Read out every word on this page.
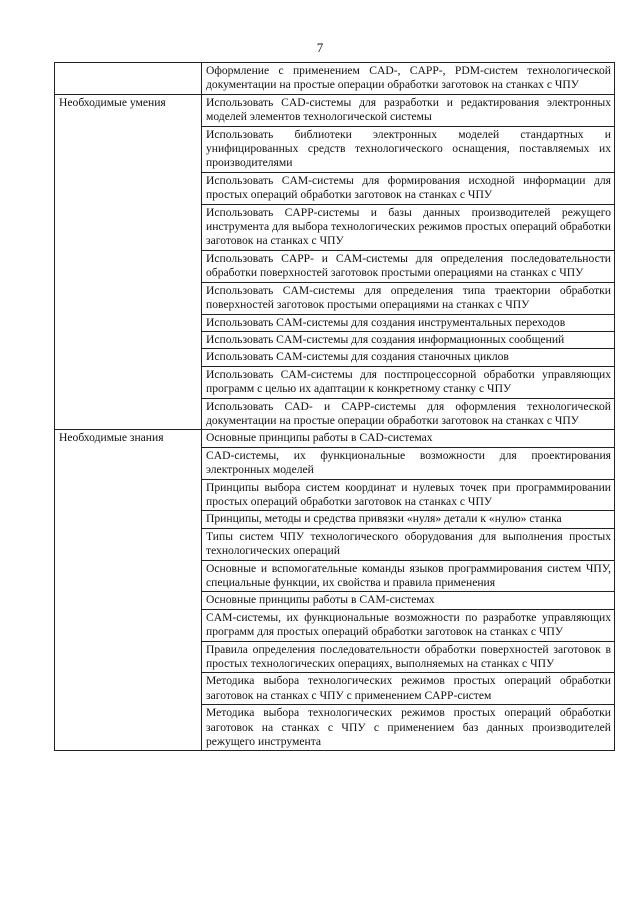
7
	Оформление с применением CAD-, CAPP-, PDM-систем технологической документации на простые операции обработки заготовок на станках с ЧПУ
Необходимые умения	Использовать CAD-системы для разработки и редактирования электронных моделей элементов технологической системы
	Использовать библиотеки электронных моделей стандартных и унифицированных средств технологического оснащения, поставляемых их производителями
	Использовать CAM-системы для формирования исходной информации для простых операций обработки заготовок на станках с ЧПУ
	Использовать CAPP-системы и базы данных производителей режущего инструмента для выбора технологических режимов простых операций обработки заготовок на станках с ЧПУ
	Использовать CAPP- и CAM-системы для определения последовательности обработки поверхностей заготовок простыми операциями на станках с ЧПУ
	Использовать CAM-системы для определения типа траектории обработки поверхностей заготовок простыми операциями на станках с ЧПУ
	Использовать CAM-системы для создания инструментальных переходов
	Использовать CAM-системы для создания информационных сообщений
	Использовать CAM-системы для создания станочных циклов
	Использовать CAM-системы для постпроцессорной обработки управляющих программ с целью их адаптации к конкретному станку с ЧПУ
	Использовать CAD- и CAPP-системы для оформления технологической документации на простые операции обработки заготовок на станках с ЧПУ
Необходимые знания	Основные принципы работы в CAD-системах
	CAD-системы, их функциональные возможности для проектирования электронных моделей
	Принципы выбора систем координат и нулевых точек при программировании простых операций обработки заготовок на станках с ЧПУ
	Принципы, методы и средства привязки «нуля» детали к «нулю» станка
	Типы систем ЧПУ технологического оборудования для выполнения простых технологических операций
	Основные и вспомогательные команды языков программирования систем ЧПУ, специальные функции, их свойства и правила применения
	Основные принципы работы в CAM-системах
	CAM-системы, их функциональные возможности по разработке управляющих программ для простых операций обработки заготовок на станках с ЧПУ
	Правила определения последовательности обработки поверхностей заготовок в простых технологических операциях, выполняемых на станках с ЧПУ
	Методика выбора технологических режимов простых операций обработки заготовок на станках с ЧПУ с применением CAPP-систем
	Методика выбора технологических режимов простых операций обработки заготовок на станках с ЧПУ с применением баз данных производителей режущего инструмента
